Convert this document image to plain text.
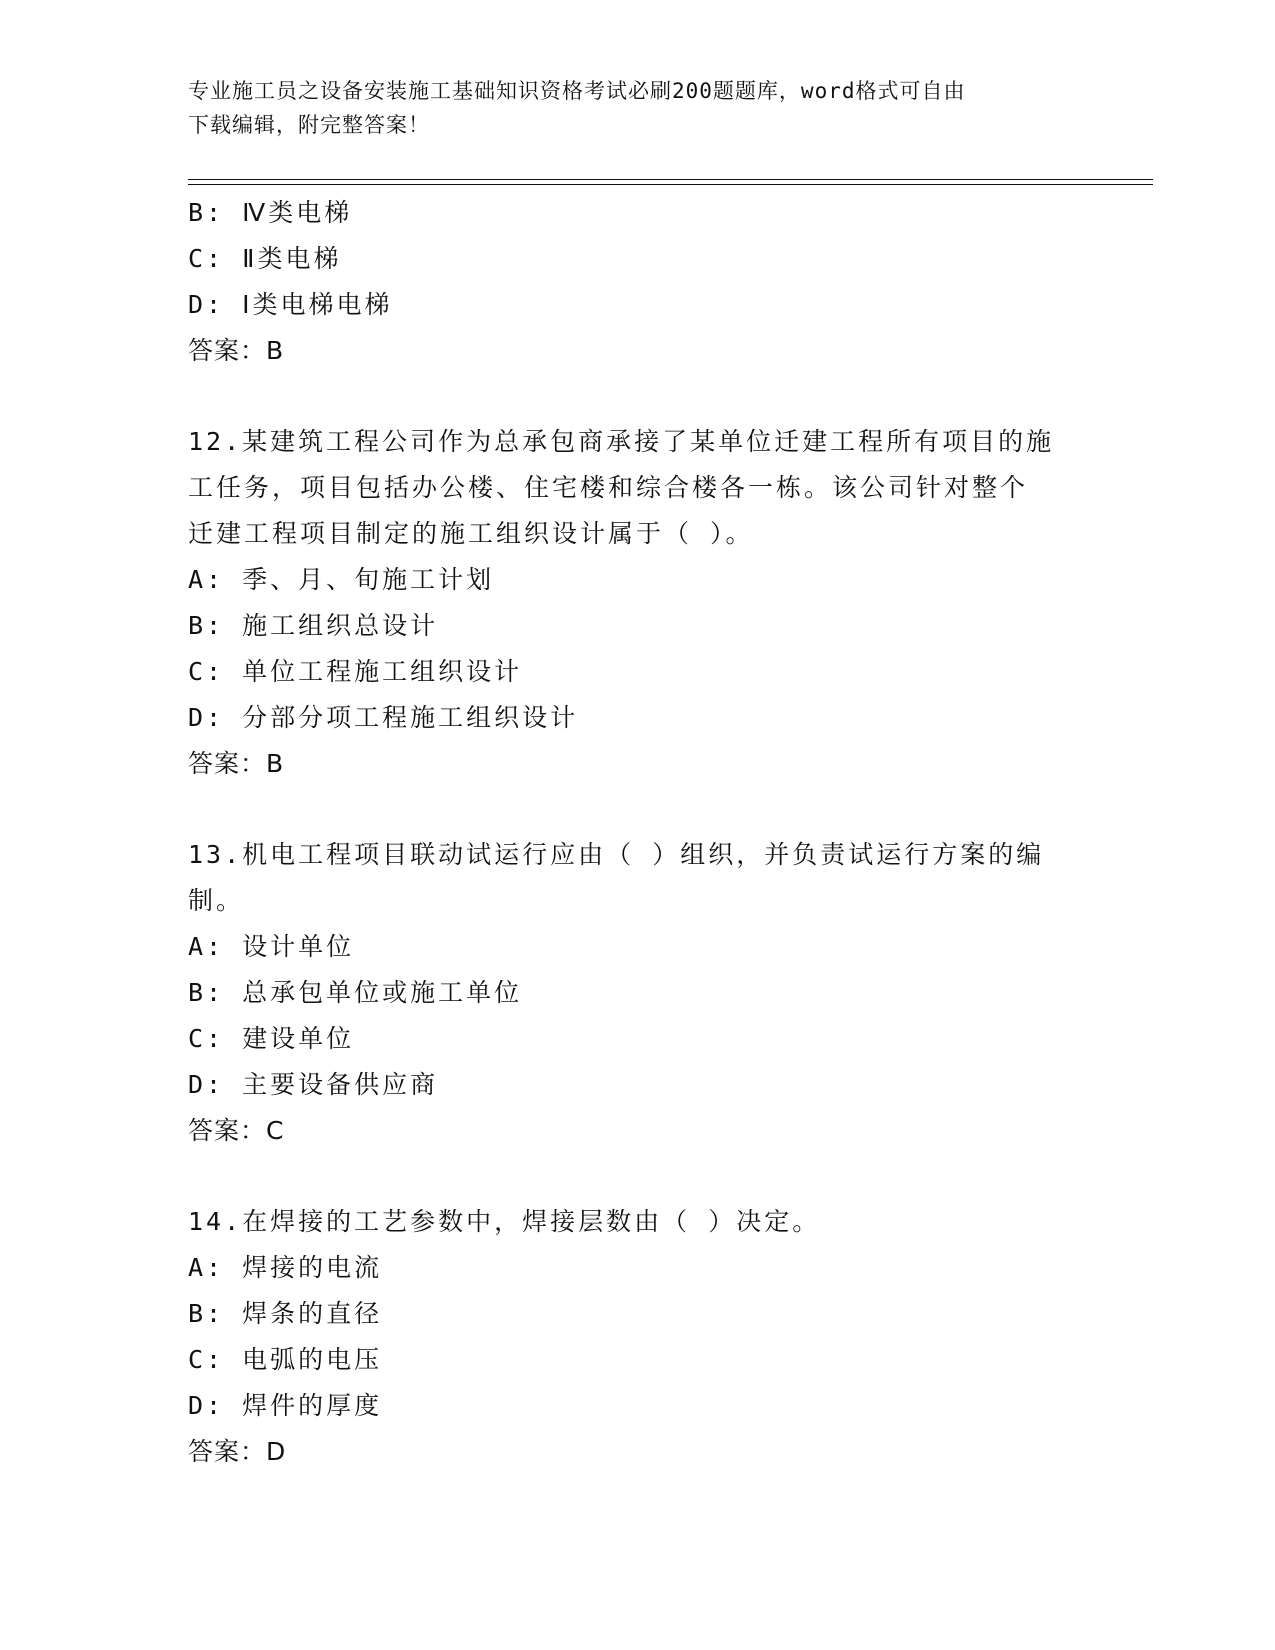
专业施工员之设备安装施工基础知识资格考试必刷200题题库，word格式可自由
下载编辑，附完整答案！
B: Ⅳ类电梯
C: Ⅱ类电梯
D: Ⅰ类电梯电梯
答案：B
12.某建筑工程公司作为总承包商承接了某单位迁建工程所有项目的施
工任务，项目包括办公楼、住宅楼和综合楼各一栋。该公司针对整个
迁建工程项目制定的施工组织设计属于（ ）。
A: 季、月、旬施工计划
B: 施工组织总设计
C: 单位工程施工组织设计
D: 分部分项工程施工组织设计
答案：B
13.机电工程项目联动试运行应由（ ）组织，并负责试运行方案的编
制。
A: 设计单位
B: 总承包单位或施工单位
C: 建设单位
D: 主要设备供应商
答案：C
14.在焊接的工艺参数中，焊接层数由（ ）决定。
A: 焊接的电流
B: 焊条的直径
C: 电弧的电压
D: 焊件的厚度
答案：D
